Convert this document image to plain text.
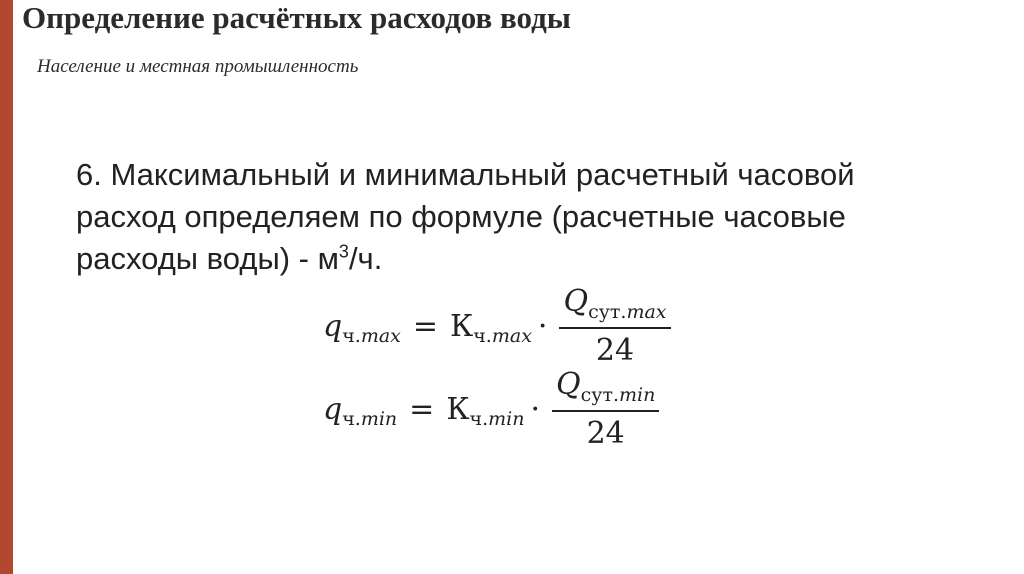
Определение расчётных расходов воды
Население и местная промышленность
6. Максимальный и минимальный расчетный часовой
расход определяем по формуле (расчетные часовые
расходы воды) - $м^3/ч$.
q ч.max = К $ч.\max \cdot \frac{Q_{сут.max}}{24}$
q ч.min = К $ч.\min \cdot \frac{Q_{сут.min}}{24}$
